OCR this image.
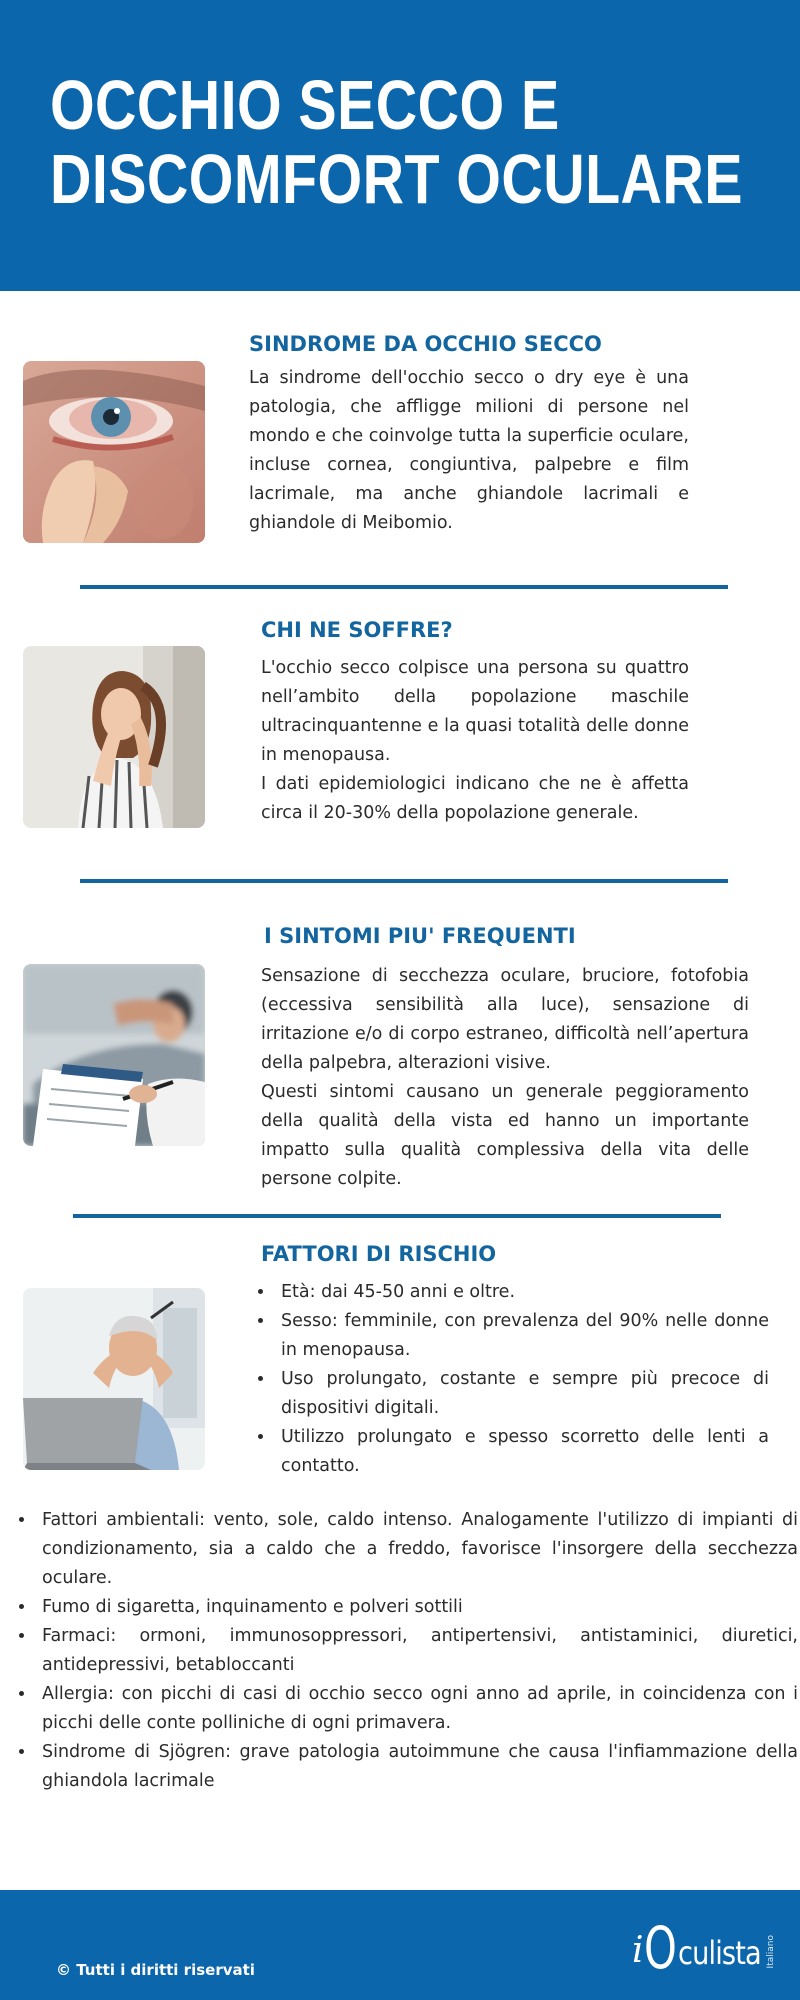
OCCHIO SECCO E
DISCOMFORT OCULARE
SINDROME DA OCCHIO SECCO

La sindrome dell'occhio secco o dry eye è una patologia, che affligge milioni di persone nel mondo e che coinvolge tutta la superficie oculare, incluse cornea, congiuntiva, palpebre e film lacrimale, ma anche ghiandole lacrimali e ghiandole di Meibomio.

CHI NE SOFFRE?

L'occhio secco colpisce una persona su quattro nell’ambito della popolazione maschile ultracinquantenne e la quasi totalità delle donne in menopausa.

I dati epidemiologici indicano che ne è affetta circa il 20-30% della popolazione generale.

I SINTOMI PIU' FREQUENTI

Sensazione di secchezza oculare, bruciore, fotofobia (eccessiva sensibilità alla luce), sensazione di irritazione e/o di corpo estraneo, difficoltà nell’apertura della palpebra, alterazioni visive.

Questi sintomi causano un generale peggioramento della qualità della vista ed hanno un importante impatto sulla qualità complessiva della vita delle persone colpite.

FATTORI DI RISCHIO
• Età: dai 45-50 anni e oltre.
• Sesso: femminile, con prevalenza del 90% nelle donne in menopausa.
• Uso prolungato, costante e sempre più precoce di dispositivi digitali.
• Utilizzo prolungato e spesso scorretto delle lenti a contatto.
• Fattori ambientali: vento, sole, caldo intenso. Analogamente l'utilizzo di impianti di condizionamento, sia a caldo che a freddo, favorisce l'insorgere della secchezza oculare.
• Fumo di sigaretta, inquinamento e polveri sottili
• Farmaci: ormoni, immunosoppressori, antipertensivi, antistaminici, diuretici, antidepressivi, betabloccanti
• Allergia: con picchi di casi di occhio secco ogni anno ad aprile, in coincidenza con i picchi delle conte polliniche di ogni primavera.
• Sindrome di Sjögren: grave patologia autoimmune che causa l'infiammazione della ghiandola lacrimale
© Tutti i diritti riservati	i O culista Italiano
